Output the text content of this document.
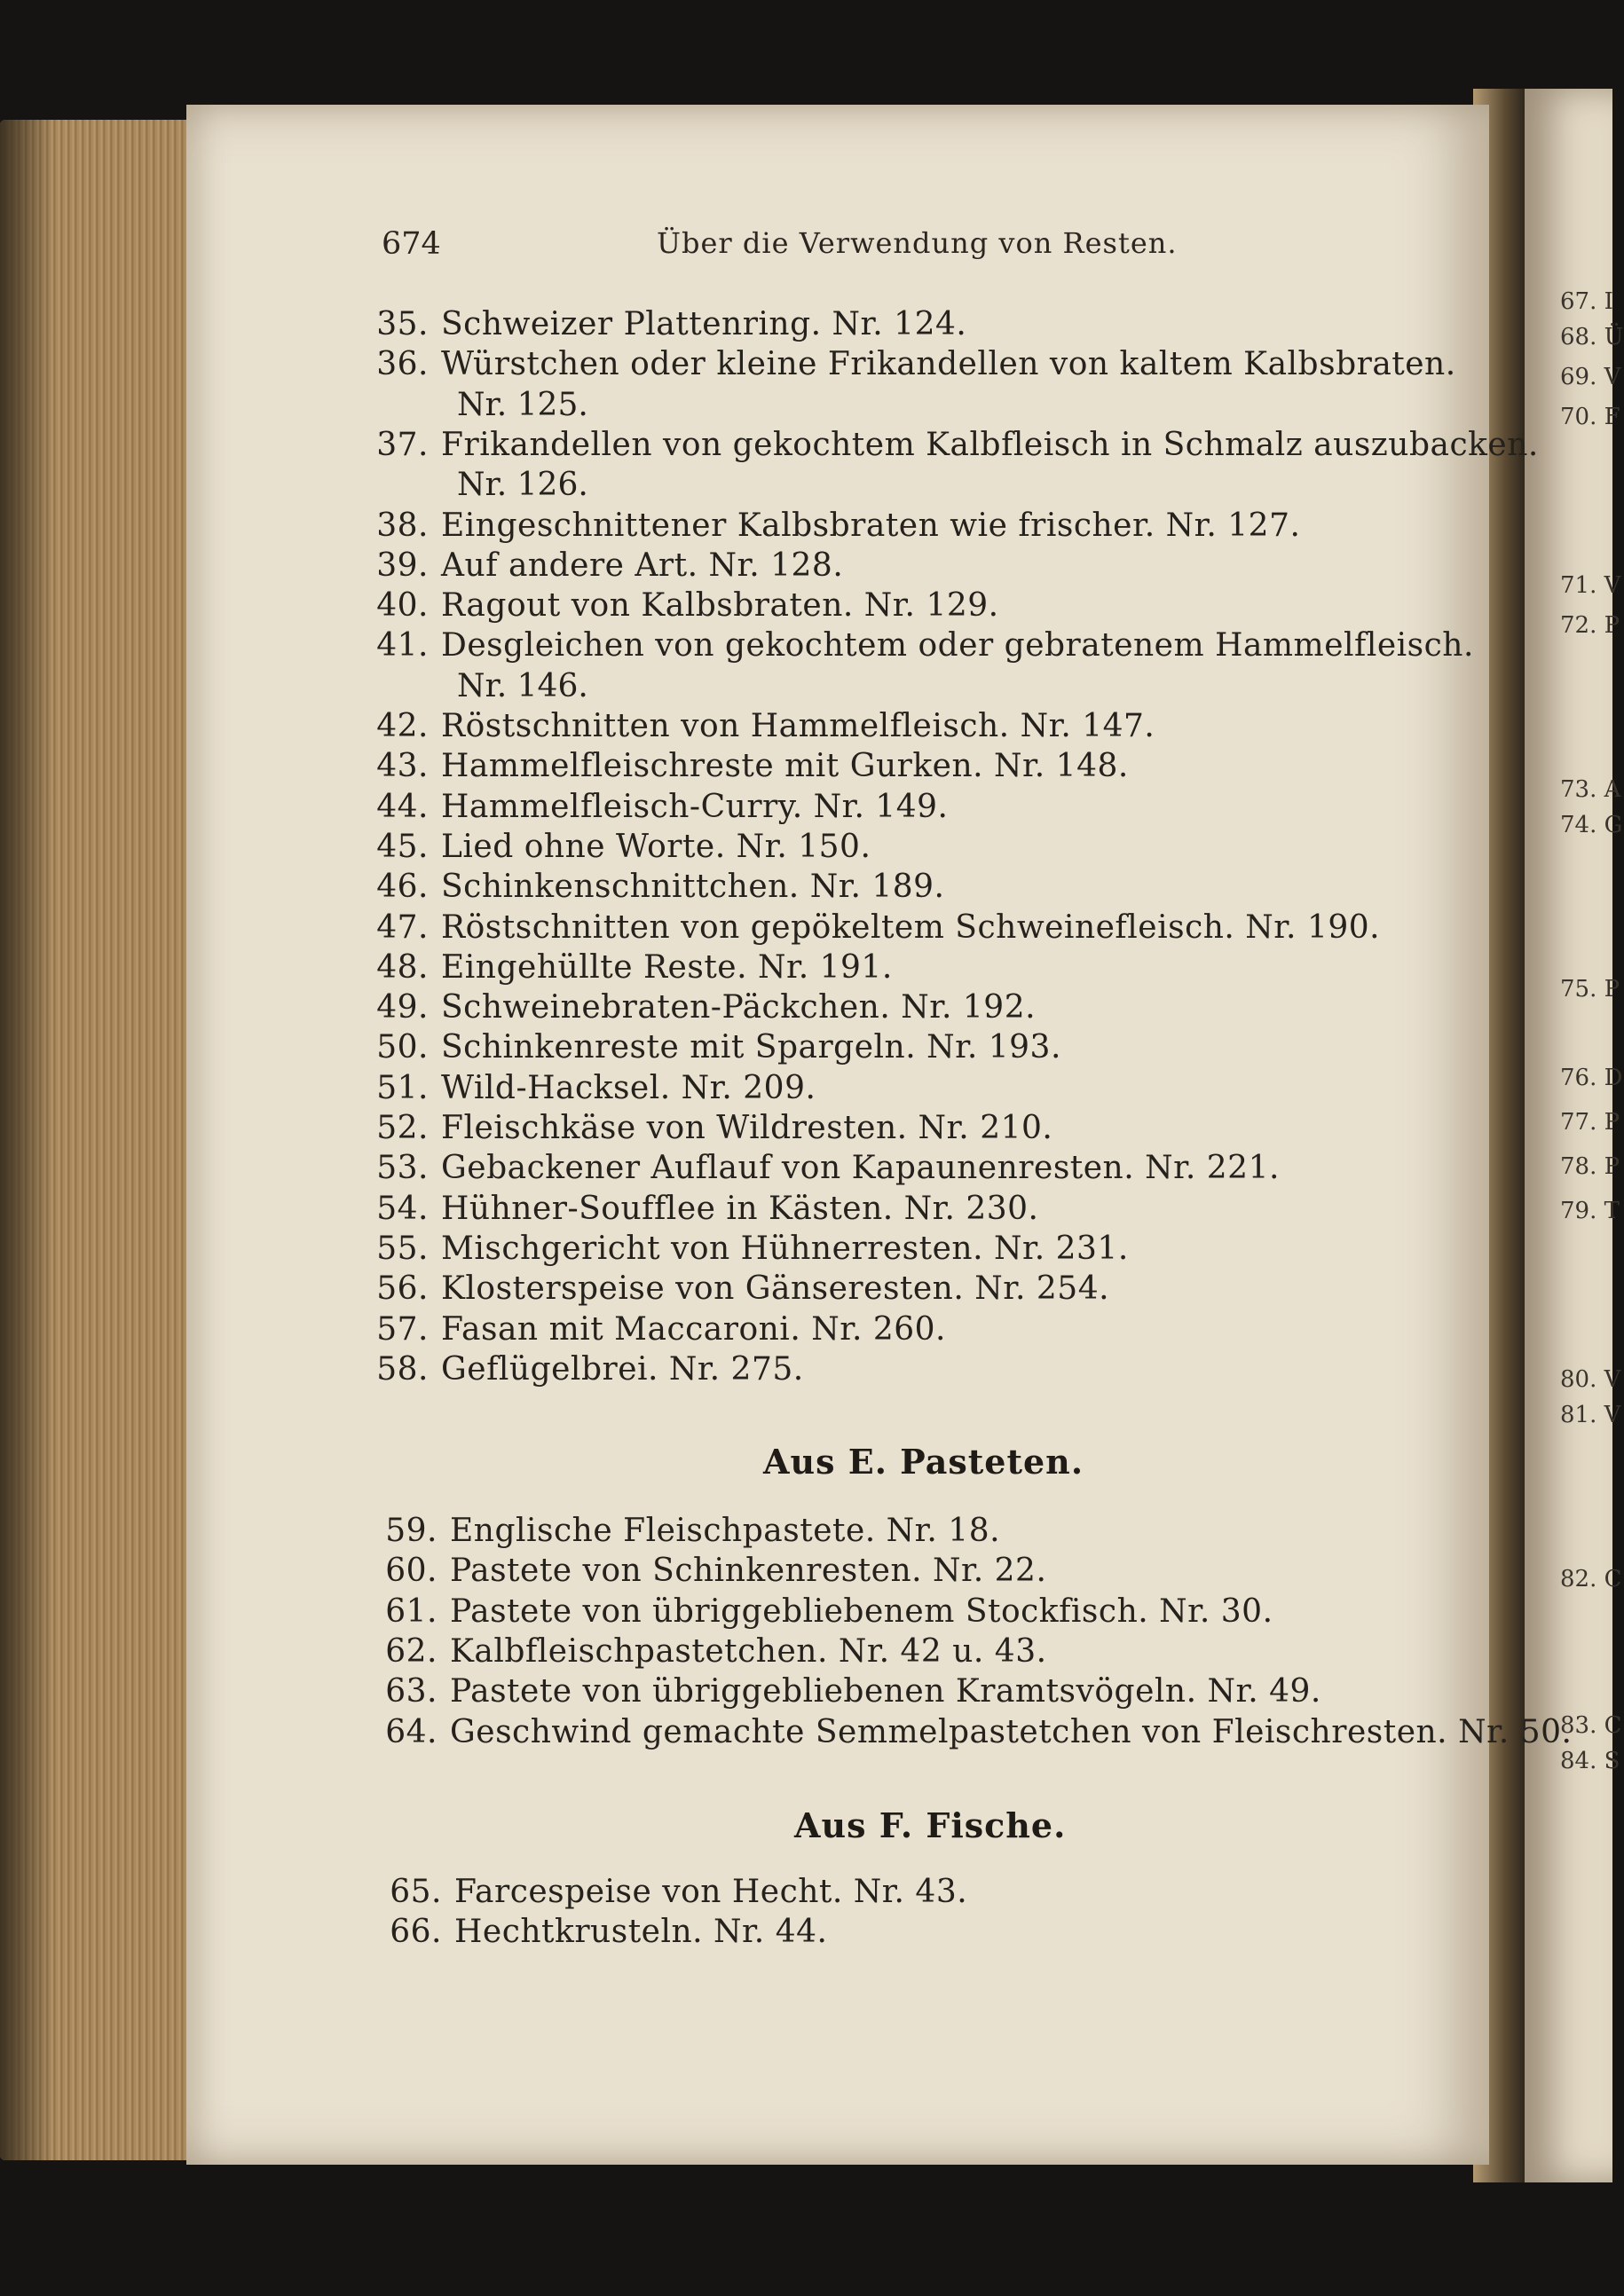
67. I
68. Ü
69. V
70. F
71. V
72. P
73. A
74. G
75. P
76. D
77. P
78. P
79. T
80. V
81. V
82. C
83. C
84. S
674	Über die Verwendung von Resten.
35. Schweizer Plattenring. Nr. 124.
36. Würstchen oder kleine Frikandellen von kaltem Kalbsbraten.
Nr. 125.
37. Frikandellen von gekochtem Kalbfleisch in Schmalz auszubacken.
Nr. 126.
38. Eingeschnittener Kalbsbraten wie frischer. Nr. 127.
39. Auf andere Art. Nr. 128.
40. Ragout von Kalbsbraten. Nr. 129.
41. Desgleichen von gekochtem oder gebratenem Hammelfleisch.
Nr. 146.
42. Röstschnitten von Hammelfleisch. Nr. 147.
43. Hammelfleischreste mit Gurken. Nr. 148.
44. Hammelfleisch-Curry. Nr. 149.
45. Lied ohne Worte. Nr. 150.
46. Schinkenschnittchen. Nr. 189.
47. Röstschnitten von gepökeltem Schweinefleisch. Nr. 190.
48. Eingehüllte Reste. Nr. 191.
49. Schweinebraten-Päckchen. Nr. 192.
50. Schinkenreste mit Spargeln. Nr. 193.
51. Wild-Hacksel. Nr. 209.
52. Fleischkäse von Wildresten. Nr. 210.
53. Gebackener Auflauf von Kapaunenresten. Nr. 221.
54. Hühner-Soufflee in Kästen. Nr. 230.
55. Mischgericht von Hühnerresten. Nr. 231.
56. Klosterspeise von Gänseresten. Nr. 254.
57. Fasan mit Maccaroni. Nr. 260.
58. Geflügelbrei. Nr. 275.
Aus E. Pasteten.
59. Englische Fleischpastete. Nr. 18.
60. Pastete von Schinkenresten. Nr. 22.
61. Pastete von übriggebliebenem Stockfisch. Nr. 30.
62. Kalbfleischpastetchen. Nr. 42 u. 43.
63. Pastete von übriggebliebenen Kramtsvögeln. Nr. 49.
64. Geschwind gemachte Semmelpastetchen von Fleischresten. Nr. 50.
Aus F. Fische.
65. Farcespeise von Hecht. Nr. 43.
66. Hechtkrusteln. Nr. 44.
